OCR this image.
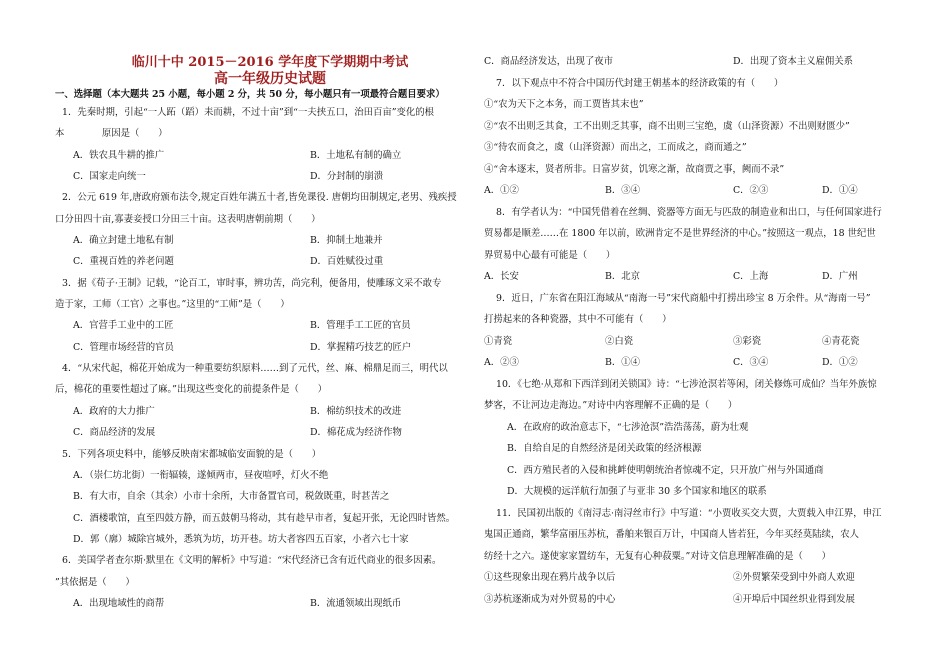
临川十中 2015－2016 学年度下学期期中考试
高一年级历史试题
一、选择题（本大题共 25 小题，每小题 2 分，共 50 分，每小题只有一项最符合题目要求）
1．先秦时期，引起“一人跖（蹈）耒而耕，不过十亩”到“一夫挟五口，治田百亩”变化的根
本　　　　原因是（　　）
A．铁农具牛耕的推广	B．土地私有制的确立
C．国家走向统一	D．分封制的崩溃
2．公元 619 年,唐政府颁布法令,规定百姓年满五十者,皆免课役. 唐朝均田制规定,老男、残疾授
口分田四十亩,寡妻妾授口分田三十亩。这表明唐朝前期（　　）
A．确立封建土地私有制	B．抑制土地兼并
C．重视百姓的养老问题	D．百姓赋役过重
3．据《荀子·王制》记载，“论百工，审时事，辨功苦，尚完利，便备用，使雕琢文采不敢专
造于家，工师（工官）之事也。”这里的“工师”是（　　）
A．官营手工业中的工匠	B．管理手工工匠的官员
C．管理市场经营的官员	D．掌握精巧技艺的匠户
4．“从宋代起，棉花开始成为一种重要纺织原料……到了元代，丝、麻、棉鼎足而三，明代以
后，棉花的重要性超过了麻。”出现这些变化的前提条件是（　　）
A．政府的大力推广	B．棉纺织技术的改进
C．商品经济的发展	D．棉花成为经济作物
5．下列各项史料中，能够反映南宋都城临安面貌的是（　　）
A．（崇仁坊北街）一衔辐辏，遂倾两市，昼夜喧呼，灯火不绝
B．有大市，自余（其余）小市十余所，大市备置官司，税敛既重，时甚苦之
C．酒楼歌馆，直至四鼓方静，而五鼓朝马将动，其有趁早市者，复起开张，无论四时皆然。
D．郭（廓）城除宫城外，悉筑为坊，坊开巷。坊大者容四五百家，小者六七十家
6．美国学者查尔斯·默里在《文明的解析》中写道：“宋代经济已含有近代商业的很多因素。
”其依据是（　　）
A．出现地域性的商帮	B．流通领域出现纸币
C．商品经济发达，出现了夜市	D．出现了资本主义雇佣关系
7．以下观点中不符合中国历代封建王朝基本的经济政策的有（　　）
①“农为天下之本务，而工贾皆其末也”
②“农不出则乏其食，工不出则乏其事，商不出则三宝绝，虞（山泽资源）不出则财匮少”
③“待农而食之，虞（山泽资源）而出之，工而成之，商而通之”
④“舍本逐末，贤者所非。日富岁贫，饥寒之渐，故商贾之事，阙而不录”
A．①②	B．③④	C．②③	D．①④
8．有学者认为：“中国凭借着在丝绸、瓷器等方面无与匹敌的制造业和出口，与任何国家进行
贸易都是顺差……在 1800 年以前，欧洲肯定不是世界经济的中心。”按照这一观点，18 世纪世
界贸易中心最有可能是（　　）
A．长安	B．北京	C．上海	D．广州
9．近日，广东省在阳江海域从“南海一号”宋代商船中打捞出珍宝 8 万余件。从“海南一号”
打捞起来的各种瓷器，其中不可能有（　　）
①青瓷	②白瓷	③彩瓷	④青花瓷
A．②③	B．①④	C．③④	D．①②
10．《七绝·从郑和下西洋到闭关锁国》诗：“七涉沧溟若等闲，闭关修炼可成仙？当年外族惊
梦客，不让河边走海边。”对诗中内容理解不正确的是（　　）
A．在政府的政治意志下，“七涉沧溟”浩浩荡荡，蔚为壮观
B．自给自足的自然经济是闭关政策的经济根源
C．西方殖民者的入侵和挑衅使明朝统治者惊魂不定，只开放广州与外国通商
D．大规模的远洋航行加强了与亚非 30 多个国家和地区的联系
11．民国初出版的《南浔志·南浔丝市行》中写道：“小贾收买交大贾，大贾载入申江界，申江
鬼国正通商，繁华富丽压苏杭，番舶来银百万计，中国商人皆若狂，今年买经莫陆续，农人
纺经十之六。遂使家家置纺车，无复有心种菽粟。”对诗文信息理解准确的是（　　）
①这些现象出现在鸦片战争以后	②外贸繁荣受到中外商人欢迎
③苏杭逐渐成为对外贸易的中心	④开埠后中国丝织业得到发展
